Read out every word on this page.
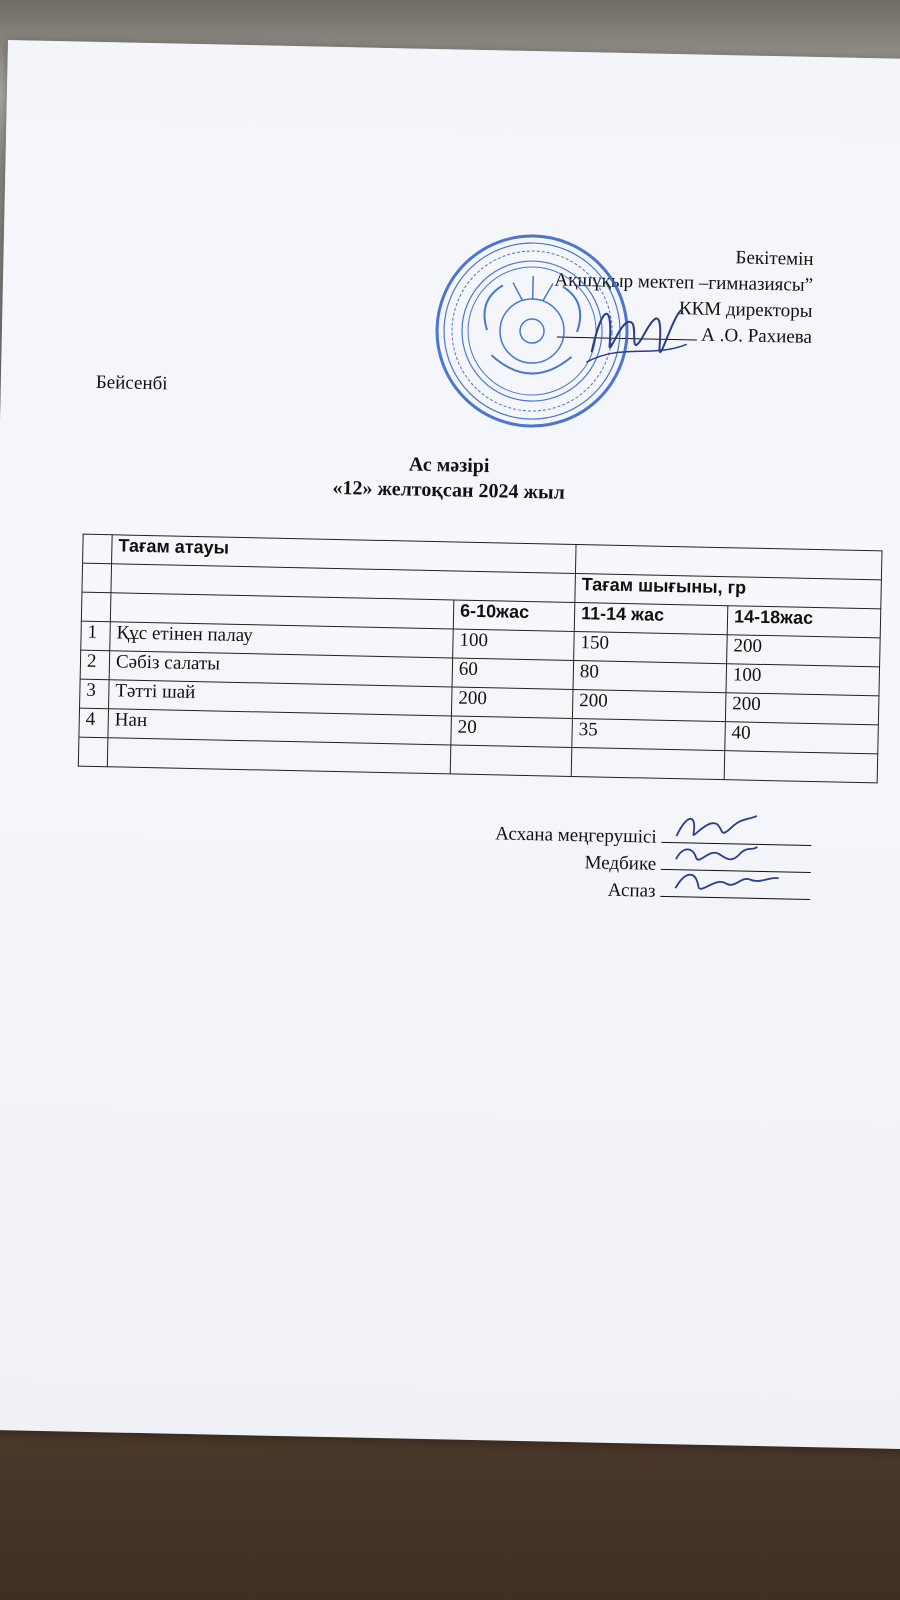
Бекітемін
Ақшұқыр мектеп –гимназиясы”
ККМ директоры
А .О. Рахиева
Бейсенбі
Ас мәзірі
«12» желтоқсан 2024 жыл
	Тағам атауы			
			Тағам шығыны, гр	
		6-10жас	11-14 жас	14-18жас
1	Құс етінен палау	100	150	200
2	Сәбіз салаты	60	80	100
3	Тәтті шай	200	200	200
4	Нан	20	35	40

Асхана меңгерушісі
Медбике
Аспаз
